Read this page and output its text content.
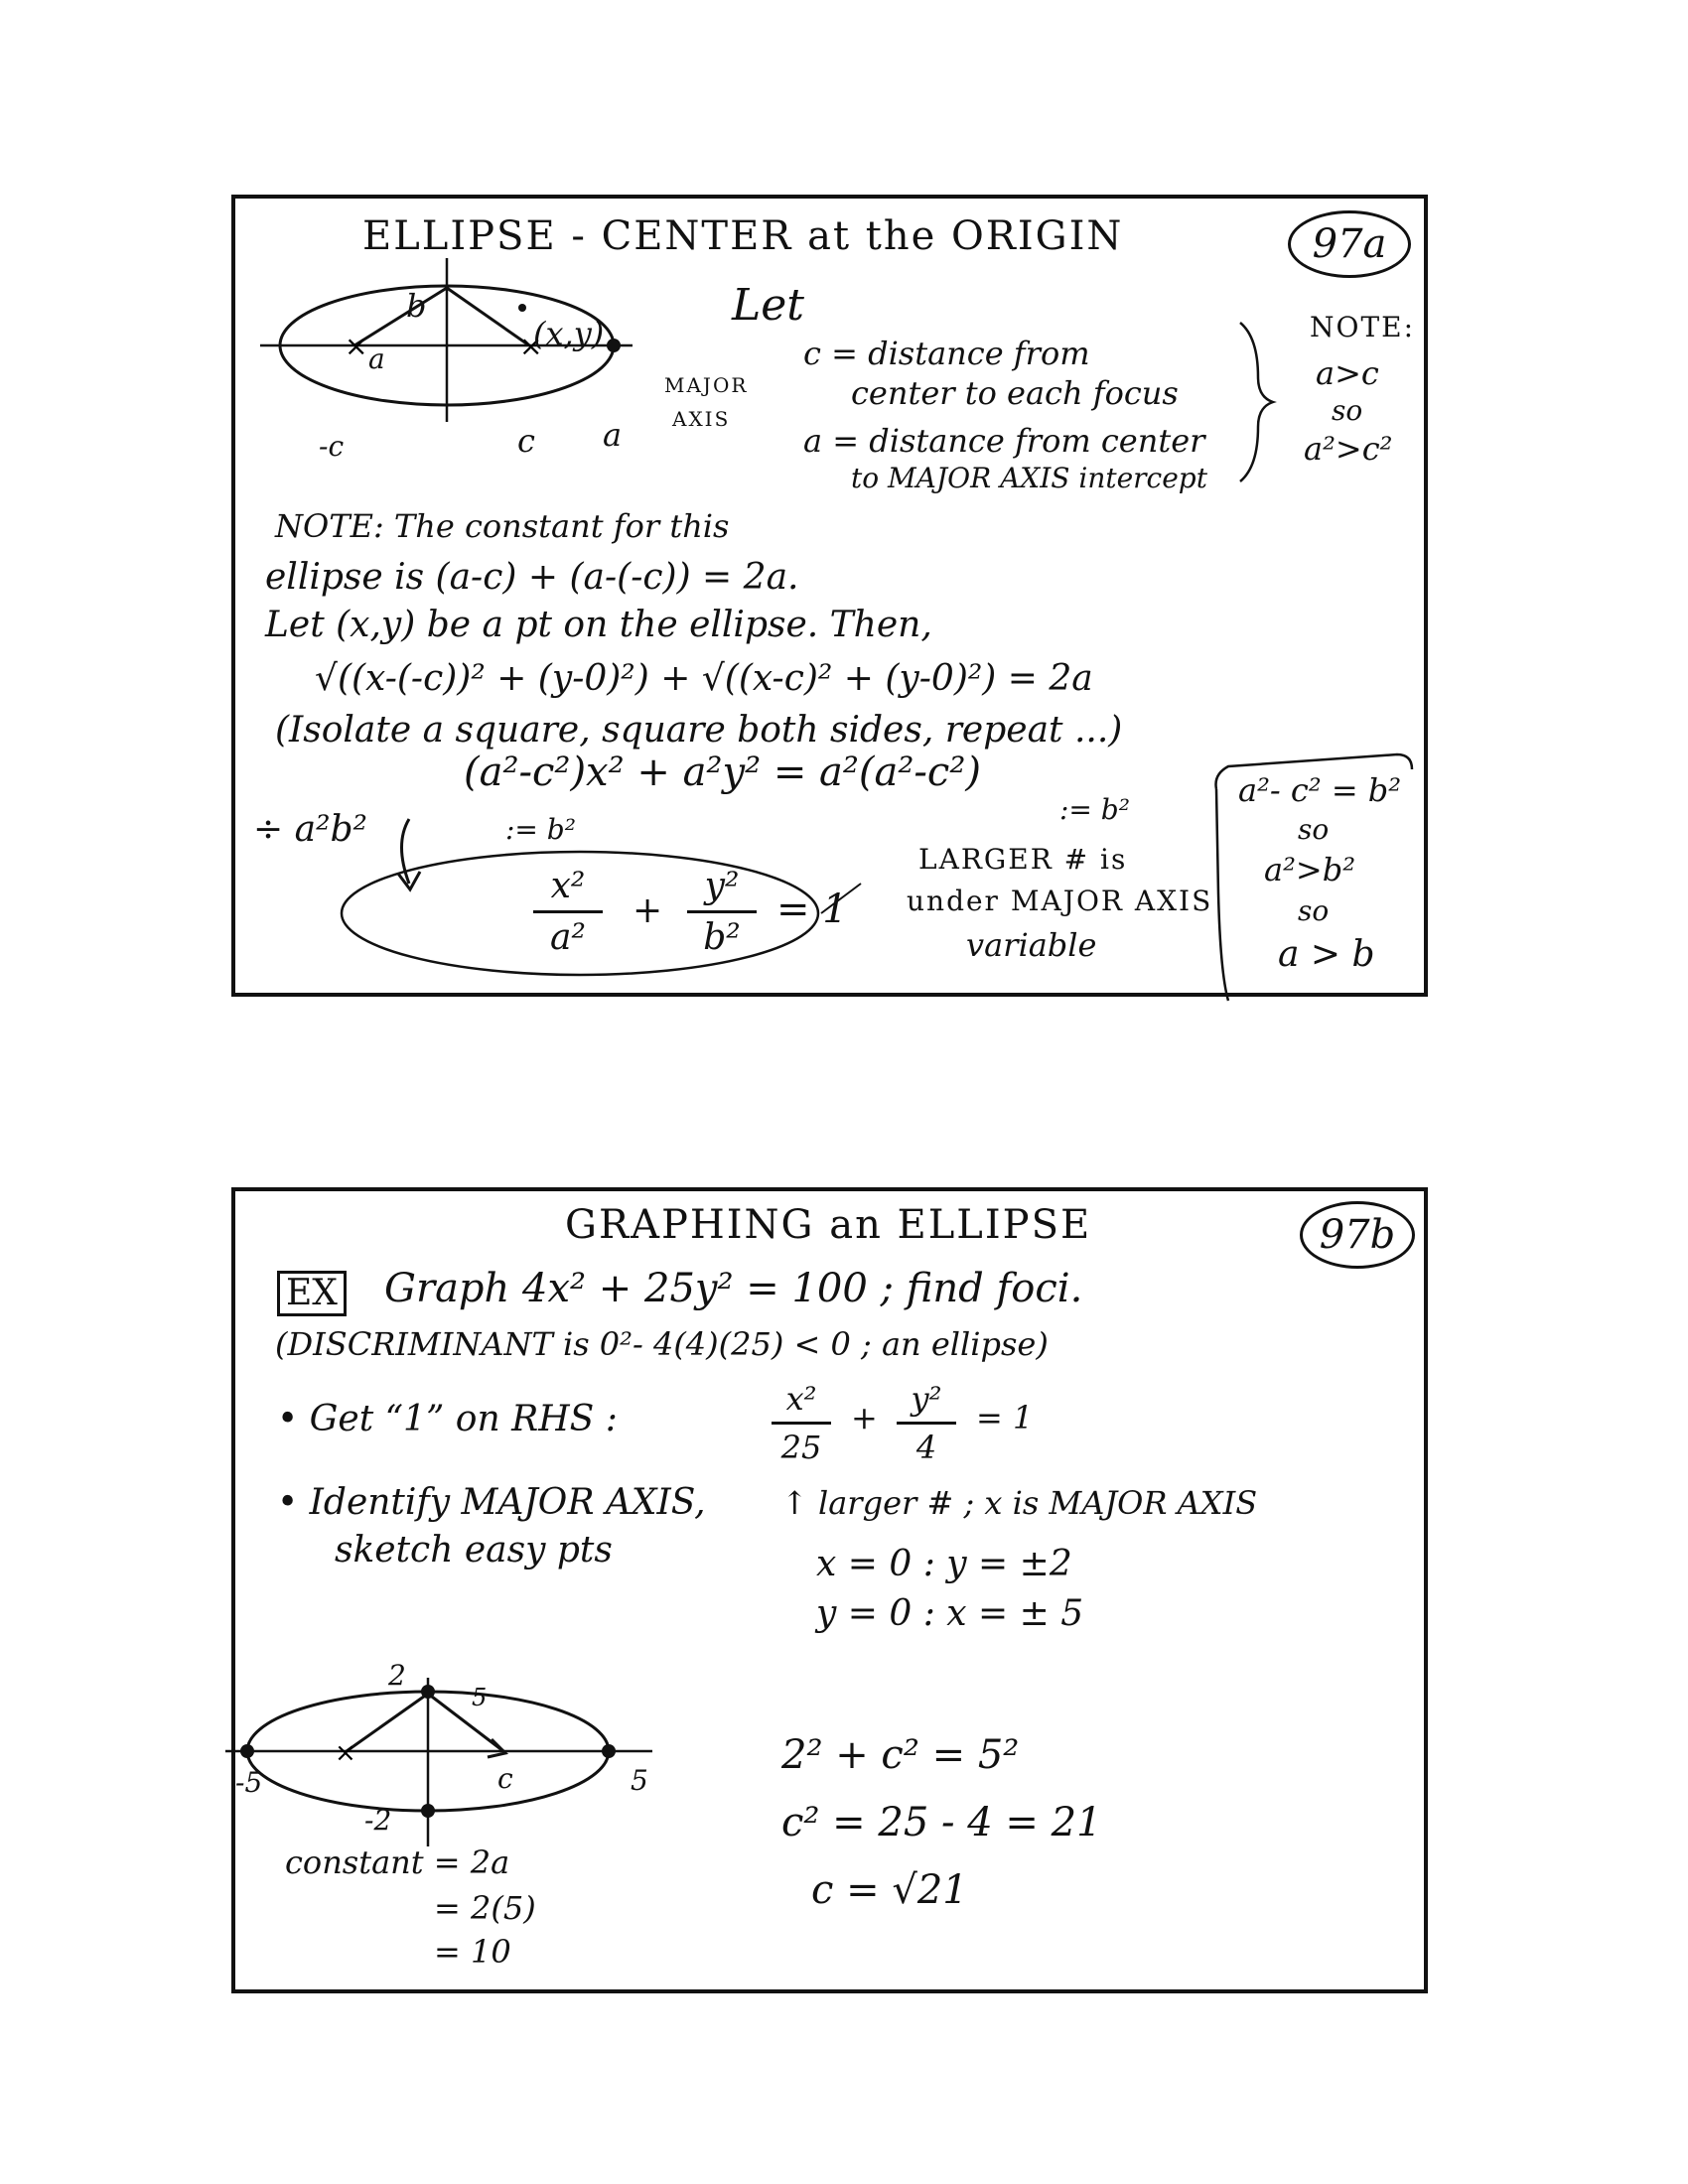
ELLIPSE - CENTER at the ORIGIN	97a
×	×
b
a
(x,y)
-c	c a
MAJOR
AXIS
Let
c = distance from
center to each focus
a = distance from center
to MAJOR AXIS intercept
NOTE:
a>c
so
a²>c²
NOTE: The constant for this
ellipse is (a-c) + (a-(-c)) = 2a.
Let (x,y) be a pt on the ellipse. Then,
√((x-(-c))² + (y-0)²) + √((x-c)² + (y-0)²) = 2a
(Isolate a square, square both sides, repeat ...)
(a²-c²)x² + a²y² = a²(a²-c²)
:= b²
:= b²
÷ a²b²
$\frac{\text{x²}}{\text{a²}} + \frac{\text{y²}}{\text{b²}} = 1$
LARGER # is
under MAJOR AXIS
variable
a²- c² = b²
so
a²>b²
so
a > b
GRAPHING an ELLIPSE	97b
EX Graph 4x² + 25y² = 100 ; find foci.
(DISCRIMINANT is 0²- 4(4)(25) < 0 ; an ellipse)
• Get “1” on RHS :	$\frac{\text{x²}}{25} + \frac{\text{y²}}{4} = 1$
• Identify MAJOR AXIS,
sketch easy pts
↑ larger # ; x is MAJOR AXIS
x = 0 : y = ±2
y = 0 : x = ± 5
×
2
-2
-5	5
5
c
constant = 2a
= 2(5)
= 10
2² + c² = 5²
c² = 25 - 4 = 21
c = √21
